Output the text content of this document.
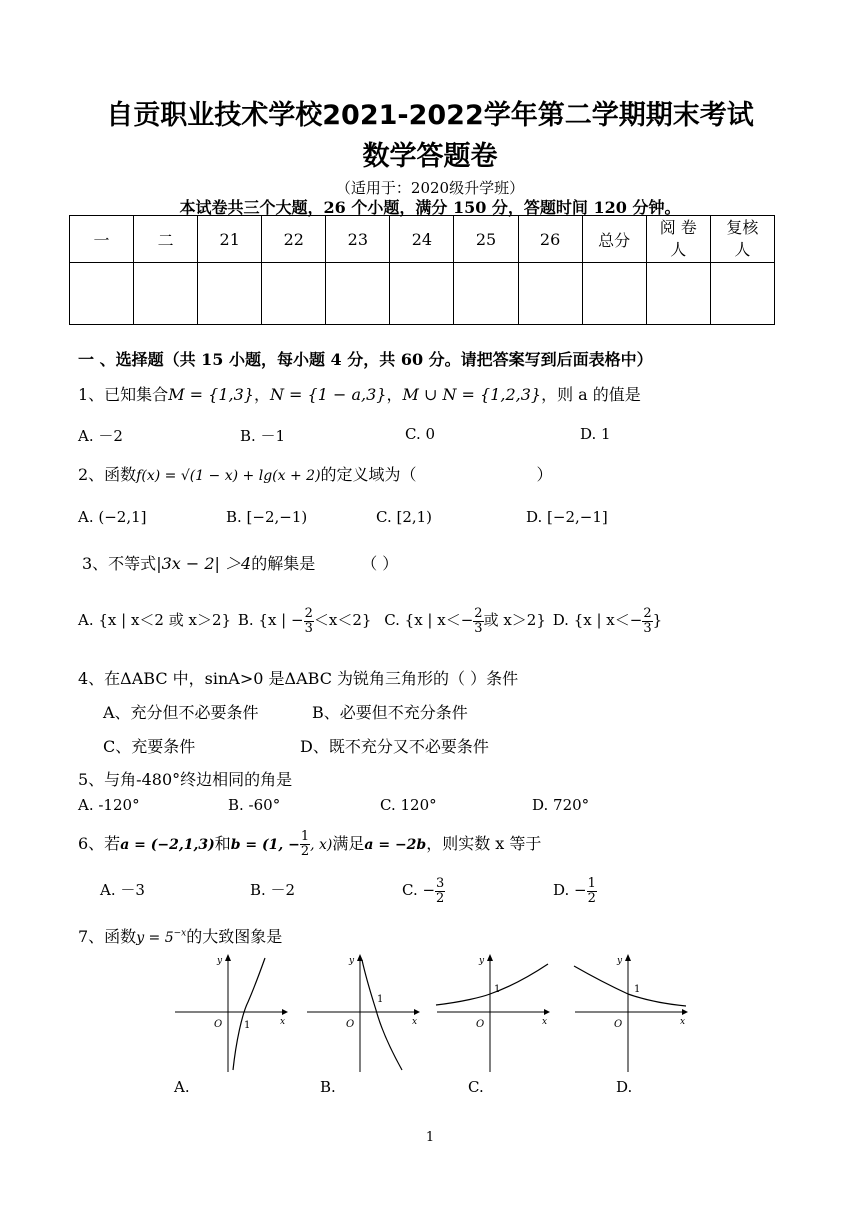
自贡职业技术学校2021-2022学年第二学期期末考试
数学答题卷
（适用于：2020级升学班）
本试卷共三个大题，26 个小题，满分 150 分，答题时间 120 分钟。
一	二	21	22	23	24	25	26	总分	阅 卷人	复核人

一 、选择题（共 15 小题，每小题 4 分，共 60 分。请把答案写到后面表格中）
1、已知集合M = {1,3}，N = {1 − a,3}，M ∪ N = {1,2,3}，则 a 的值是
A. －2	B. －1	C. 0	D. 1
2、函数f(x) = √(1 − x) + lg(x + 2)的定义域为（	）
A. (−2,1]	B. [−2,−1)	C. [2,1)	D. [−2,−1]
3、不等式|3x − 2| ＞4的解集是	（ ）
A. {x | x＜2 或 x＞2} B. {x | − $\frac{2}{3} <x<2$} C. {x | $x<- \frac{2}{3}$ 或 x＞2} D. {x | $x<- \frac{2}{3}$ }
4、在ΔABC 中，sinA>0 是ΔABC 为锐角三角形的（ ）条件
A、充分但不必要条件	B、必要但不充分条件
C、充要条件	D、既不充分又不必要条件
5、与角-480°终边相同的角是
A. -120°	B. -60°	C. 120°	D. 720°
6、若a = (−2,1,3)和b = (1, − $\frac{1}{2}$ , x)满足a = −2b，则实数 x 等于
A. －3	B. －2	C. − $\frac{3}{2}$	D. − $\frac{1}{2}$
7、函数$y = 5^{-x}$的大致图象是
y
x
O 1
y
x
O
1
y
x
O
1
y
x
O
1
A.	B.	C.	D.
1
